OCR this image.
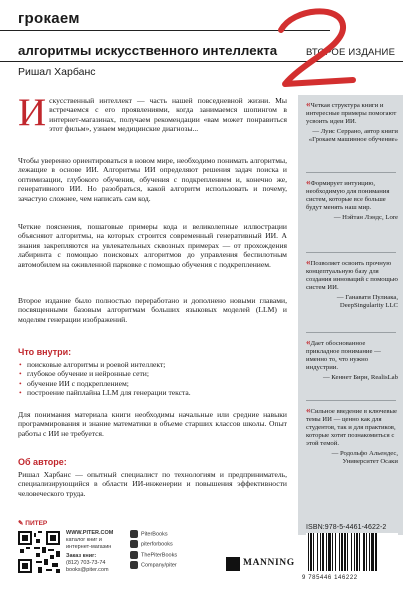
грокаем
алгоритмы искусственного интеллекта	ВТОРОЕ ИЗДАНИЕ
Ришал Харбанс
И скусственный интеллект — часть нашей повседневной жизни. Мы встречаемся с его проявлениями, когда занимаемся шопингом в интернет-магазинах, получаем рекомендации «вам может понравиться этот фильм», узнаем медицинские диагнозы...

Чтобы уверенно ориентироваться в новом мире, необходимо понимать алгоритмы, лежащие в основе ИИ. Алгоритмы ИИ определяют решения задач поиска и оптимизации, глубокого обучения, обучения с подкреплением и, конечно же, генеративного ИИ. Но разобраться, какой алгоритм использовать и почему, зачастую сложнее, чем написать сам код.
Четкие пояснения, пошаговые примеры кода и великолепные иллюстрации объясняют алгоритмы, на которых строится современный генеративный ИИ. А знания закрепляются на увлекательных сквозных примерах — от прохождения лабиринта с помощью поисковых алгоритмов до управления беспилотным автомобилем на оживленной парковке с помощью обучения с подкреплением.
Второе издание было полностью переработано и дополнено новыми главами, посвященными базовым алгоритмам больших языковых моделей (LLM) и моделям генерации изображений.
Что внутри:
• поисковые алгоритмы и роевой интеллект;
• глубокое обучение и нейронные сети;
• обучение ИИ с подкреплением;
• построение пайплайна LLM для генерации текста.
Для понимания материала книги необходимы начальные или средние навыки программирования и знание математики в объеме старших классов школы. Опыт работы с ИИ не требуется.
Об авторе:
Ришал Харбанс — опытный специалист по технологиям и предприниматель, специализирующийся в области ИИ-инженерии и повышения эффективности человеческого труда.
«Четкая структура книги и интересные примеры помогают усвоить идеи ИИ.
— Луис Серрано, автор книги «Грокаем машинное обучение»
«Формирует интуицию, необходимую для понимания систем, которые все больше будут менять наш мир.
— Нэйтан Лэндс, Lore
«Позволяет освоить прочную концептуальную базу для создания инноваций с помощью систем ИИ.
— Ганавати Пулиака, DeepSingularity LLC
«Дает обоснованное прикладное понимание — именно то, что нужно индустрии.
— Кеннет Бирн, RealisLab
«Сильное введение в ключевые темы ИИ — ценно как для студентов, так и для практиков, которые хотят познакомиться с этой темой.
— Родольфо Альендес, Университет Осаки
✎ ПИТЕР
WWW.PITER.COM
каталог книг и интернет-магазин
Заказ книг:
(812) 703-73-74
books@piter.com
PiterBooks
piterforbooks
ThePiterBooks
Company/piter	MANNING
ISBN:978-5-4461-4622-2
9 785446 146222
